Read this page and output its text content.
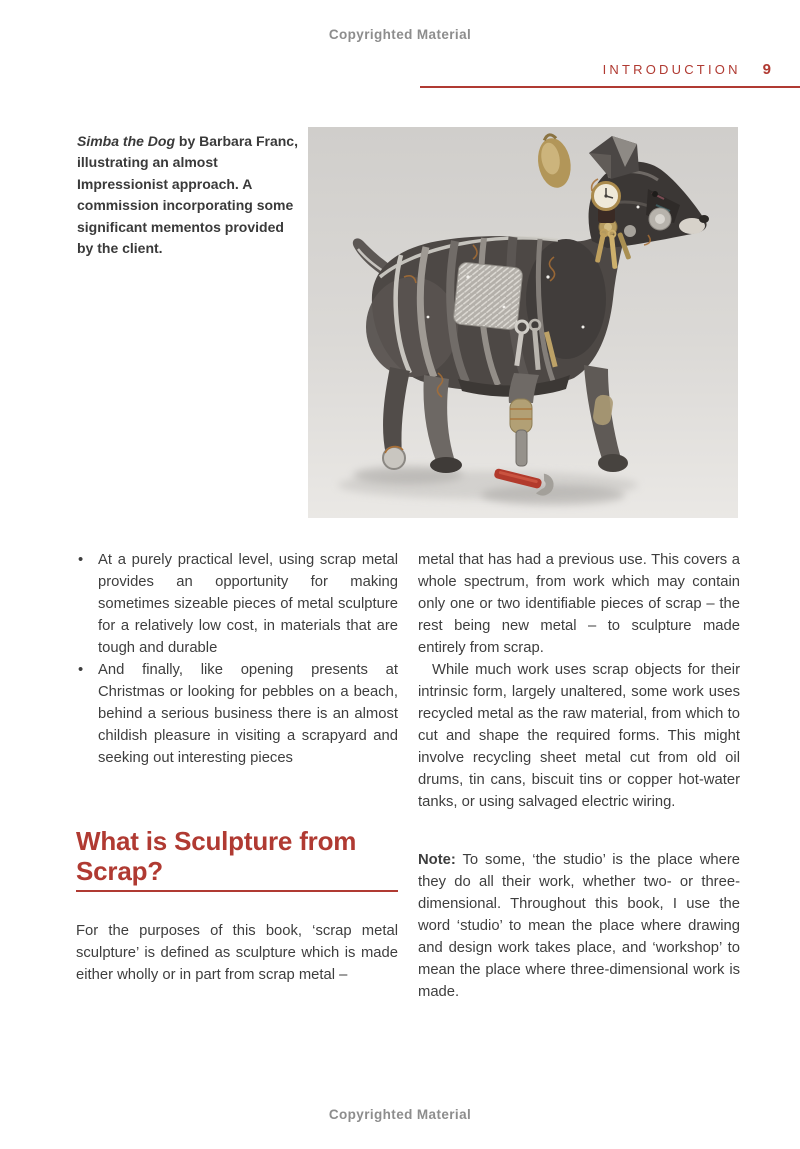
Copyrighted Material
INTRODUCTION 9
Simba the Dog by Barbara Franc, illustrating an almost Impressionist approach. A commission incorporating some significant mementos provided by the client.
• At a purely practical level, using scrap metal provides an opportunity for making sometimes sizeable pieces of metal sculpture for a relatively low cost, in materials that are tough and durable
• And finally, like opening presents at Christmas or looking for pebbles on a beach, behind a serious business there is an almost childish pleasure in visiting a scrapyard and seeking out interesting pieces
What is Sculpture from Scrap?

For the purposes of this book, ‘scrap metal sculpture’ is defined as sculpture which is made either wholly or in part from scrap metal –

metal that has had a previous use. This covers a whole spectrum, from work which may contain only one or two identifiable pieces of scrap – the rest being new metal – to sculpture made entirely from scrap.

While much work uses scrap objects for their intrinsic form, largely unaltered, some work uses recycled metal as the raw material, from which to cut and shape the required forms. This might involve recycling sheet metal cut from old oil drums, tin cans, biscuit tins or copper hot-water tanks, or using salvaged electric wiring.

Note: To some, ‘the studio’ is the place where they do all their work, whether two- or three-dimensional. Throughout this book, I use the word ‘studio’ to mean the place where drawing and design work takes place, and ‘workshop’ to mean the place where three-dimensional work is made.

Copyrighted Material
